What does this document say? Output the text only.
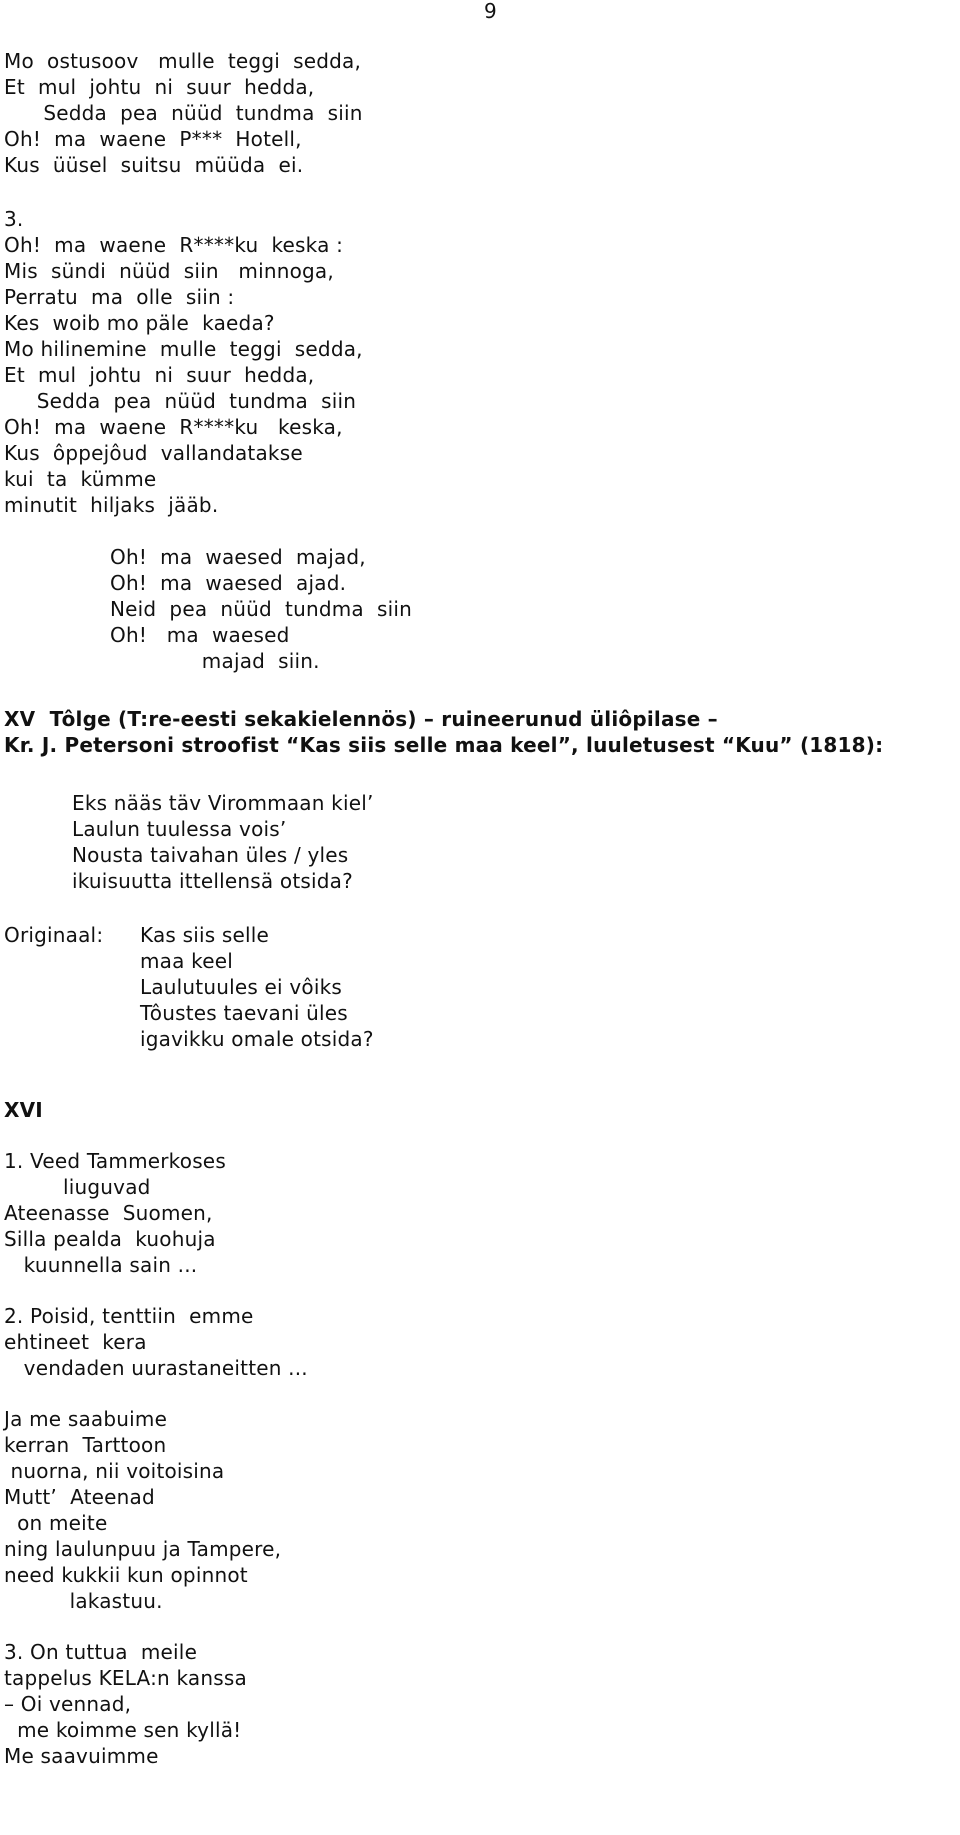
9
Mo  ostusoov   mulle  teggi  sedda,
Et  mul  johtu  ni  suur  hedda,
Sedda  pea  nüüd  tundma  siin
Oh!  ma  waene  P***  Hotell,
Kus  üüsel  suitsu  müüda  ei.
3.
Oh!  ma  waene  R****ku  keska :
Mis  sündi  nüüd  siin   minnoga,
Perratu  ma  olle  siin :
Kes  woib mo päle  kaeda?
Mo hilinemine  mulle  teggi  sedda,
Et  mul  johtu  ni  suur  hedda,
Sedda  pea  nüüd  tundma  siin
Oh!  ma  waene  R****ku   keska,
Kus  ôppejôud  vallandatakse
kui  ta  kümme
minutit  hiljaks  jääb.
Oh!  ma  waesed  majad,
Oh!  ma  waesed  ajad.
Neid  pea  nüüd  tundma  siin
Oh!   ma  waesed
majad  siin.
XV  Tôlge (T:re-eesti sekakielennös) – ruineerunud üliôpilase –
Kr. J. Petersoni stroofist “Kas siis selle maa keel”, luuletusest “Kuu” (1818):
Eks nääs täv Virommaan kiel’
Laulun tuulessa vois’
Nousta taivahan üles / yles
ikuisuutta ittellensä otsida?
Originaal: Kas siis selle
maa keel
Laulutuules ei vôiks
Tôustes taevani üles
igavikku omale otsida?
XVI
1. Veed Tammerkoses
liuguvad
Ateenasse  Suomen,
Silla pealda  kuohuja
kuunnella sain ...
2. Poisid, tenttiin  emme
ehtineet  kera
vendaden uurastaneitten ...
Ja me saabuime
kerran  Tarttoon
nuorna, nii voitoisina
Mutt’  Ateenad
on meite
ning laulunpuu ja Tampere,
need kukkii kun opinnot
lakastuu.
3. On tuttua  meile
tappelus KELA:n kanssa
– Oi vennad,
me koimme sen kyllä!
Me saavuimme
